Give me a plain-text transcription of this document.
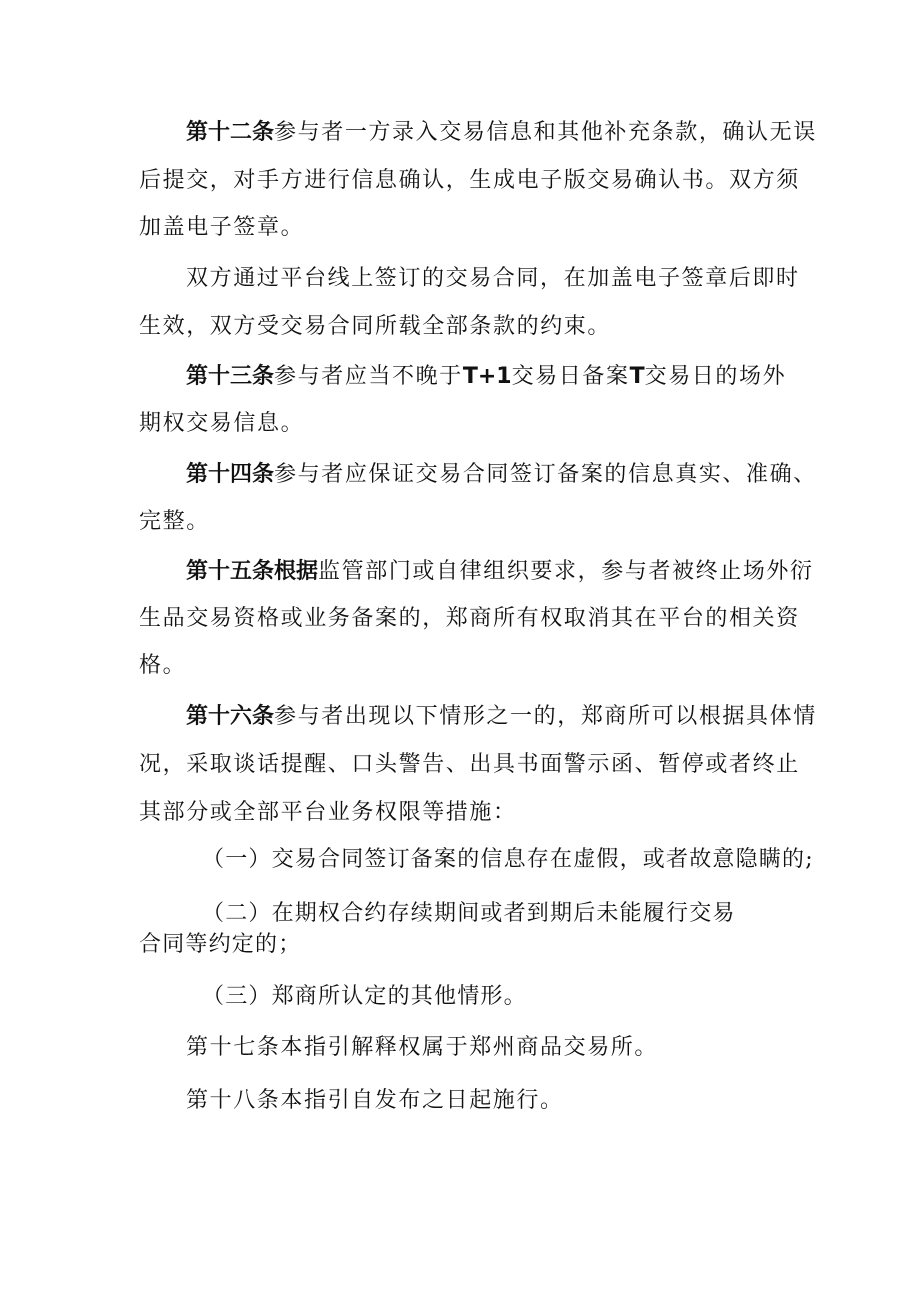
第十二条参与者一方录入交易信息和其他补充条款，确认无误
后提交，对手方进行信息确认，生成电子版交易确认书。双方须
加盖电子签章。
双方通过平台线上签订的交易合同，在加盖电子签章后即时
生效，双方受交易合同所载全部条款的约束。
第十三条参与者应当不晚于T+1交易日备案T交易日的场外
期权交易信息。
第十四条参与者应保证交易合同签订备案的信息真实、准确、
完整。
第十五条根据监管部门或自律组织要求，参与者被终止场外衍
生品交易资格或业务备案的，郑商所有权取消其在平台的相关资
格。
第十六条参与者出现以下情形之一的，郑商所可以根据具体情
况，采取谈话提醒、口头警告、出具书面警示函、暂停或者终止
其部分或全部平台业务权限等措施：
（一）交易合同签订备案的信息存在虚假，或者故意隐瞒的;
（二）在期权合约存续期间或者到期后未能履行交易
合同等约定的；
（三）郑商所认定的其他情形。
第十七条本指引解释权属于郑州商品交易所。
第十八条本指引自发布之日起施行。
